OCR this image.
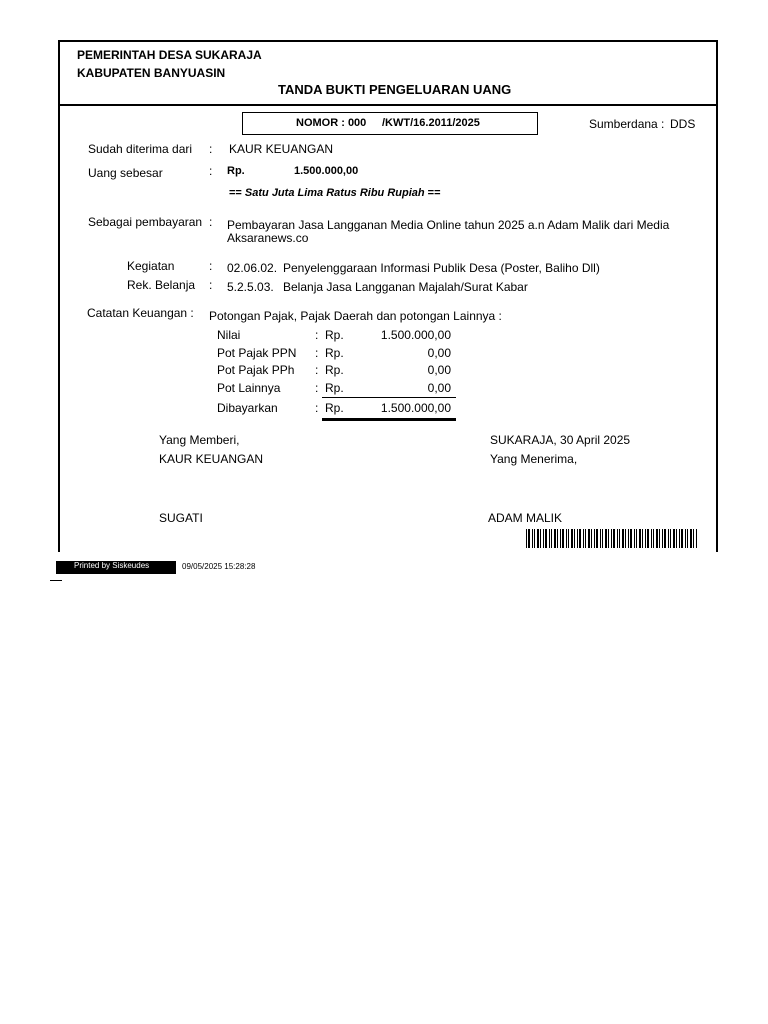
PEMERINTAH DESA SUKARAJA
KABUPATEN BANYUASIN
TANDA BUKTI PENGELUARAN UANG
NOMOR : 000 /KWT/16.2011/2025	Sumberdana : DDS
Sudah diterima dari : KAUR KEUANGAN
Uang sebesar	: Rp.	1.500.000,00
== Satu Juta Lima Ratus Ribu Rupiah ==
Sebagai pembayaran : Pembayaran Jasa Langganan Media Online tahun 2025 a.n Adam Malik dari Media
Aksaranews.co
Kegiatan	: 02.06.02. Penyelenggaraan Informasi Publik Desa (Poster, Baliho Dll)
Rek. Belanja : 5.2.5.03. Belanja Jasa Langganan Majalah/Surat Kabar
Catatan Keuangan : Potongan Pajak, Pajak Daerah dan potongan Lainnya :
Nilai	: Rp.	1.500.000,00
Pot Pajak PPN : Rp.	0,00
Pot Pajak PPh : Rp.	0,00
Pot Lainnya	: Rp.	0,00
Dibayarkan	: Rp.	1.500.000,00
Yang Memberi,
KAUR KEUANGAN
SUGATI
SUKARAJA, 30 April 2025
Yang Menerima,
ADAM MALIK
Printed by Siskeudes	09/05/2025 15:28:28
